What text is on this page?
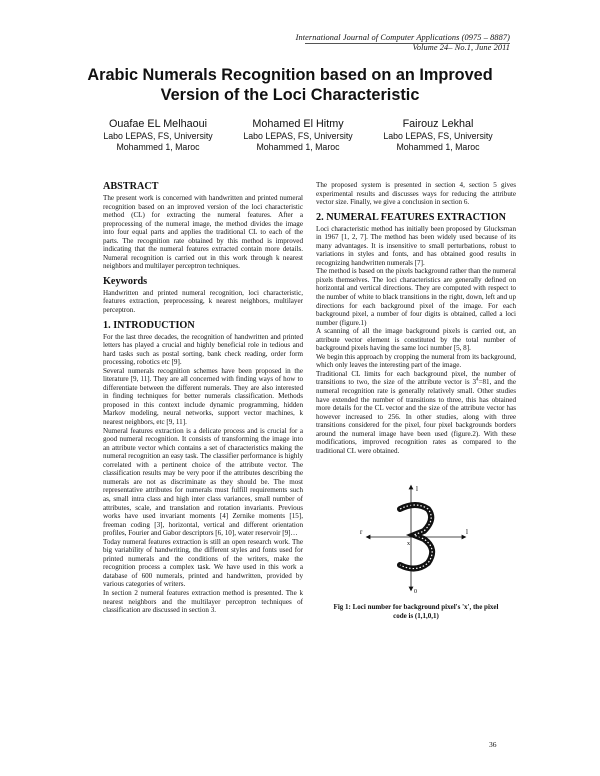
International Journal of Computer Applications (0975 – 8887)
Volume 24– No.1, June 2011
Arabic Numerals Recognition based on an Improved
Version of the Loci Characteristic
Ouafae EL Melhaoui
Labo LEPAS, FS, University
Mohammed 1, Maroc
Mohamed El Hitmy
Labo LEPAS, FS, University
Mohammed 1, Maroc
Fairouz Lekhal
Labo LEPAS, FS, University
Mohammed 1, Maroc
ABSTRACT

The present work is concerned with handwritten and printed numeral recognition based on an improved version of the loci characteristic method (CL) for extracting the numeral features. After a preprocessing of the numeral image, the method divides the image into four equal parts and applies the traditional CL to each of the parts. The recognition rate obtained by this method is improved indicating that the numeral features extracted contain more details. Numeral recognition is carried out in this work through k nearest neighbors and multilayer perceptron techniques.

Keywords

Handwritten and printed numeral recognition, loci characteristic, features extraction, preprocessing, k nearest neighbors, multilayer perceptron.

1. INTRODUCTION

For the last three decades, the recognition of handwritten and printed letters has played a crucial and highly beneficial role in tedious and hard tasks such as postal sorting, bank check reading, order form processing, robotics etc [9].

Several numerals recognition schemes have been proposed in the literature [9, 11]. They are all concerned with finding ways of how to differentiate between the different numerals. They are also interested in finding techniques for better numerals classification. Methods proposed in this context include dynamic programming, hidden Markov modeling, neural networks, support vector machines, k nearest neighbors, etc [9, 11].

Numeral features extraction is a delicate process and is crucial for a good numeral recognition. It consists of transforming the image into an attribute vector which contains a set of characteristics making the numeral recognition an easy task. The classifier performance is highly correlated with a pertinent choice of the attribute vector. The classification results may be very poor if the attributes describing the numerals are not as discriminate as they should be. The most representative attributes for numerals must fulfill requirements such as, small intra class and high inter class variances, small number of attributes, scale, and translation and rotation invariants. Previous works have used invariant moments [4] Zernike moments [15], freeman coding [3], horizontal, vertical and different orientation profiles, Fourier and Gabor descriptors [6, 10], water reservoir [9]…

Today numeral features extraction is still an open research work. The big variability of handwriting, the different styles and fonts used for printed numerals and the conditions of the writers, make the recognition process a complex task. We have used in this work a database of 600 numerals, printed and handwritten, provided by various categories of writers.

In section 2 numeral features extraction method is presented. The k nearest neighbors and the multilayer perceptron techniques of classification are discussed in section 3.

The proposed system is presented in section 4, section 5 gives experimental results and discusses ways for reducing the attribute vector size. Finally, we give a conclusion in section 6.

2. NUMERAL FEATURES EXTRACTION

Loci characteristic method has initially been proposed by Glucksman in 1967 [1, 2, 7]. The method has been widely used because of its many advantages. It is insensitive to small perturbations, robust to variations in styles and fonts, and has obtained good results in recognizing handwritten numerals [7].

The method is based on the pixels background rather than the numeral pixels themselves. The loci characteristics are generally defined on horizontal and vertical directions. They are computed with respect to the number of white to black transitions in the right, down, left and up directions for each background pixel of the image. For each background pixel, a number of four digits is obtained, called a loci number (figure.1)

A scanning of all the image background pixels is carried out, an attribute vector element is constituted by the total number of background pixels having the same loci number [5, 8].

We begin this approach by cropping the numeral from its background, which only leaves the interesting part of the image.

Traditional CL limits for each background pixel, the number of transitions to two, the size of the attribute vector is $3^4=81$, and the numeral recognition rate is generally relatively small. Other studies have extended the number of transitions to three, this has obtained more details for the CL vector and the size of the attribute vector has however increased to 256. In other studies, along with three transitions considered for the pixel, four pixel backgrounds borders around the numeral image have been used (figure.2). With these modifications, improved recognition rates as compared to the traditional CL were obtained.

l
r	l
0
x
Fig 1: Loci number for background pixel's 'x', the pixel
code is (1,1,0,1)
36
